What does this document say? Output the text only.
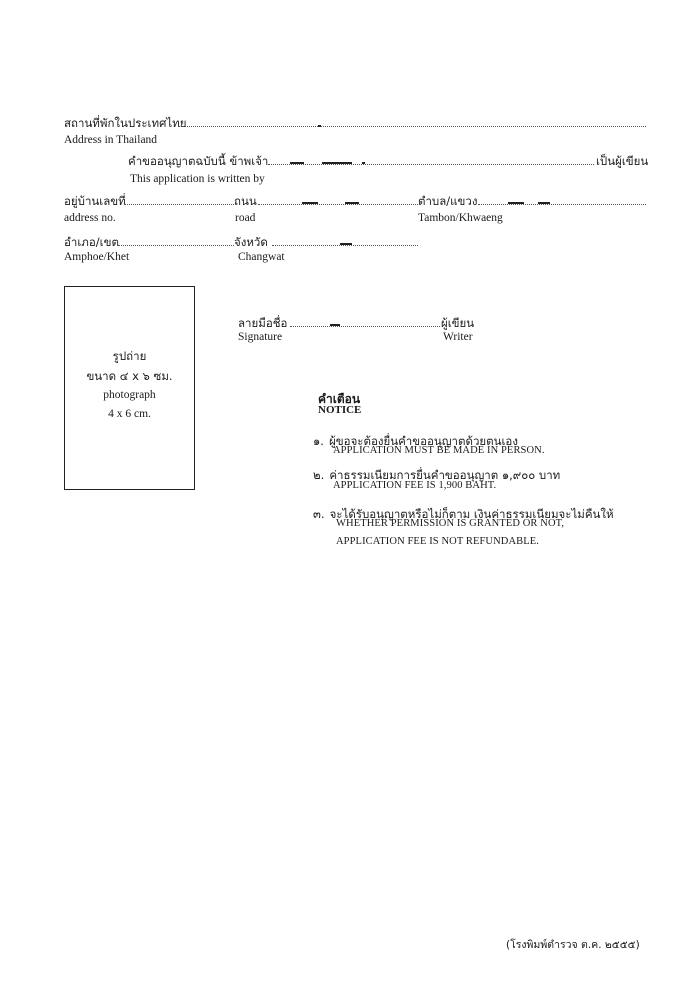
สถานที่พักในประเทศไทย
Address in Thailand
คำขออนุญาตฉบับนี้ ข้าพเจ้า	เป็นผู้เขียน
This application is written by
อยู่บ้านเลขที่	ถนน	ตำบล/แขวง
address no.	road	Tambon/Khwaeng
อำเภอ/เขต	จังหวัด
Amphoe/Khet	Changwat
รูปถ่าย
ขนาด ๔ x ๖ ซม.
photograph
4 x 6 cm.
ลายมือชื่อ	ผู้เขียน
Signature	Writer
คำเตือน
NOTICE
๑. ผู้ขอจะต้องยื่นคำขออนุญาตด้วยตนเอง
APPLICATION MUST BE MADE IN PERSON.
๒. ค่าธรรมเนียมการยื่นคำขออนุญาต ๑,๙๐๐ บาท
APPLICATION FEE IS 1,900 BAHT.
๓. จะได้รับอนุญาตหรือไม่ก็ตาม เงินค่าธรรมเนียมจะไม่คืนให้
WHETHER PERMISSION IS GRANTED OR NOT,
APPLICATION FEE IS NOT REFUNDABLE.
(โรงพิมพ์ตำรวจ ต.ค. ๒๕๕๕)
